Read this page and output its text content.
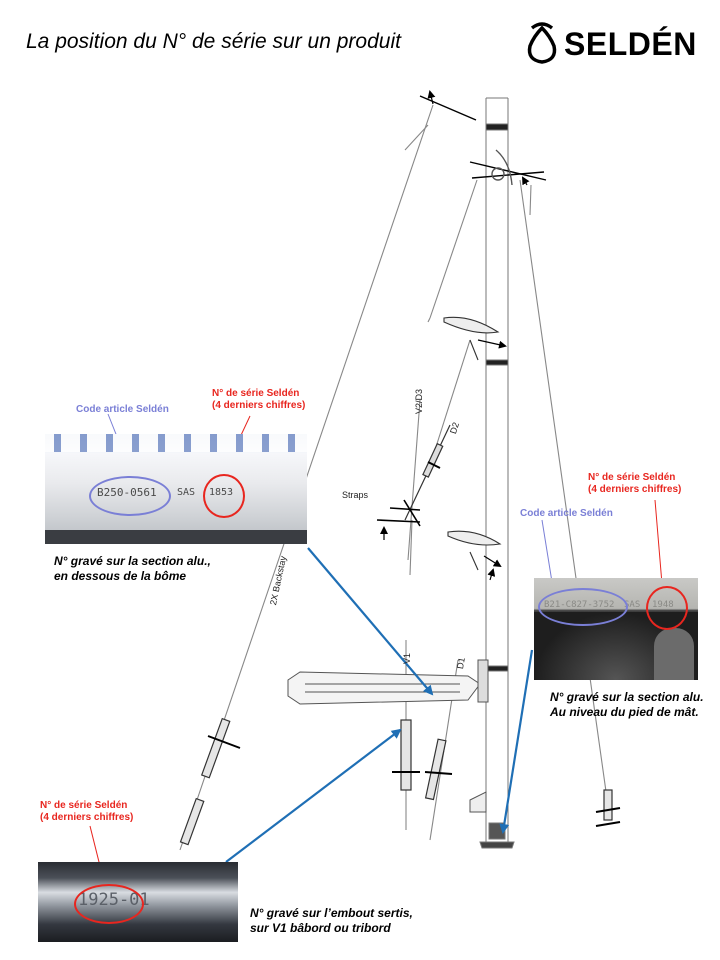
La position du N° de série sur un produit	SELDÉN
V2/D3
D2
Straps
2X Backstay
V1	D1
Code article Seldén
N° de série Seldén
(4 derniers chiffres)
B250-0561 SAS 1853
N° gravé sur la section alu.,
en dessous de la bôme
N° de série Seldén
(4 derniers chiffres)
Code article Seldén
B21-C827-3752 SAS 1948
N° gravé sur la section alu.
Au niveau du pied de mât.
N° de série Seldén
(4 derniers chiffres)
1925-01
N° gravé sur l’embout sertis,
sur V1 bâbord ou tribord
